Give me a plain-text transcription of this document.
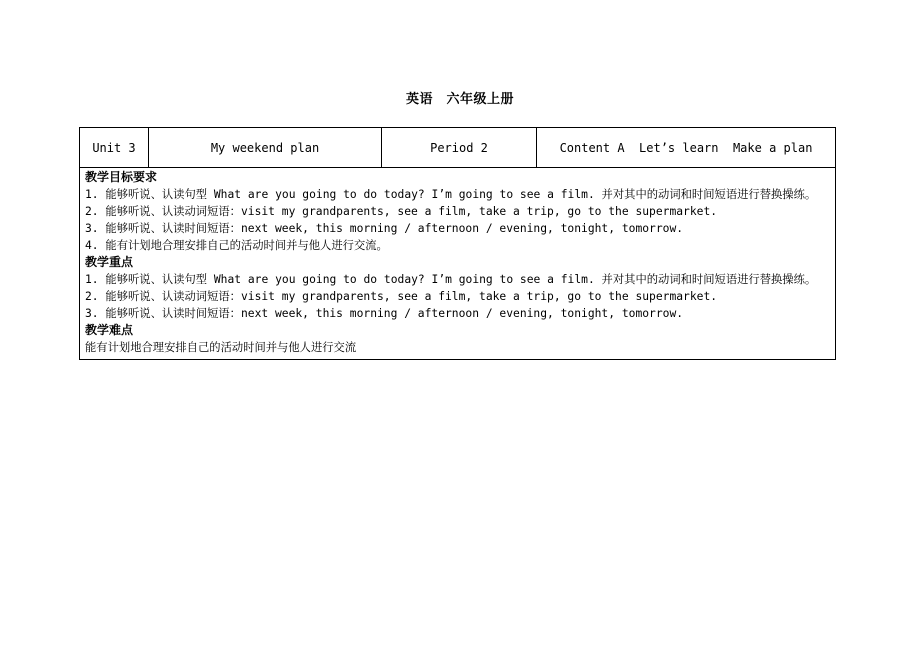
英语　六年级上册
Unit 3	My weekend plan	Period 2	Content A  Let’s learn  Make a plan
教学目标要求
1. 能够听说、认读句型 What are you going to do today? I’m going to see a film. 并对其中的动词和时间短语进行替换操练。
2. 能够听说、认读动词短语：visit my grandparents, see a film, take a trip, go to the supermarket.
3. 能够听说、认读时间短语：next week, this morning / afternoon / evening, tonight, tomorrow.
4. 能有计划地合理安排自己的活动时间并与他人进行交流。
教学重点
1. 能够听说、认读句型 What are you going to do today? I’m going to see a film. 并对其中的动词和时间短语进行替换操练。
2. 能够听说、认读动词短语：visit my grandparents, see a film, take a trip, go to the supermarket.
3. 能够听说、认读时间短语：next week, this morning / afternoon / evening, tonight, tomorrow.
教学难点
能有计划地合理安排自己的活动时间并与他人进行交流
